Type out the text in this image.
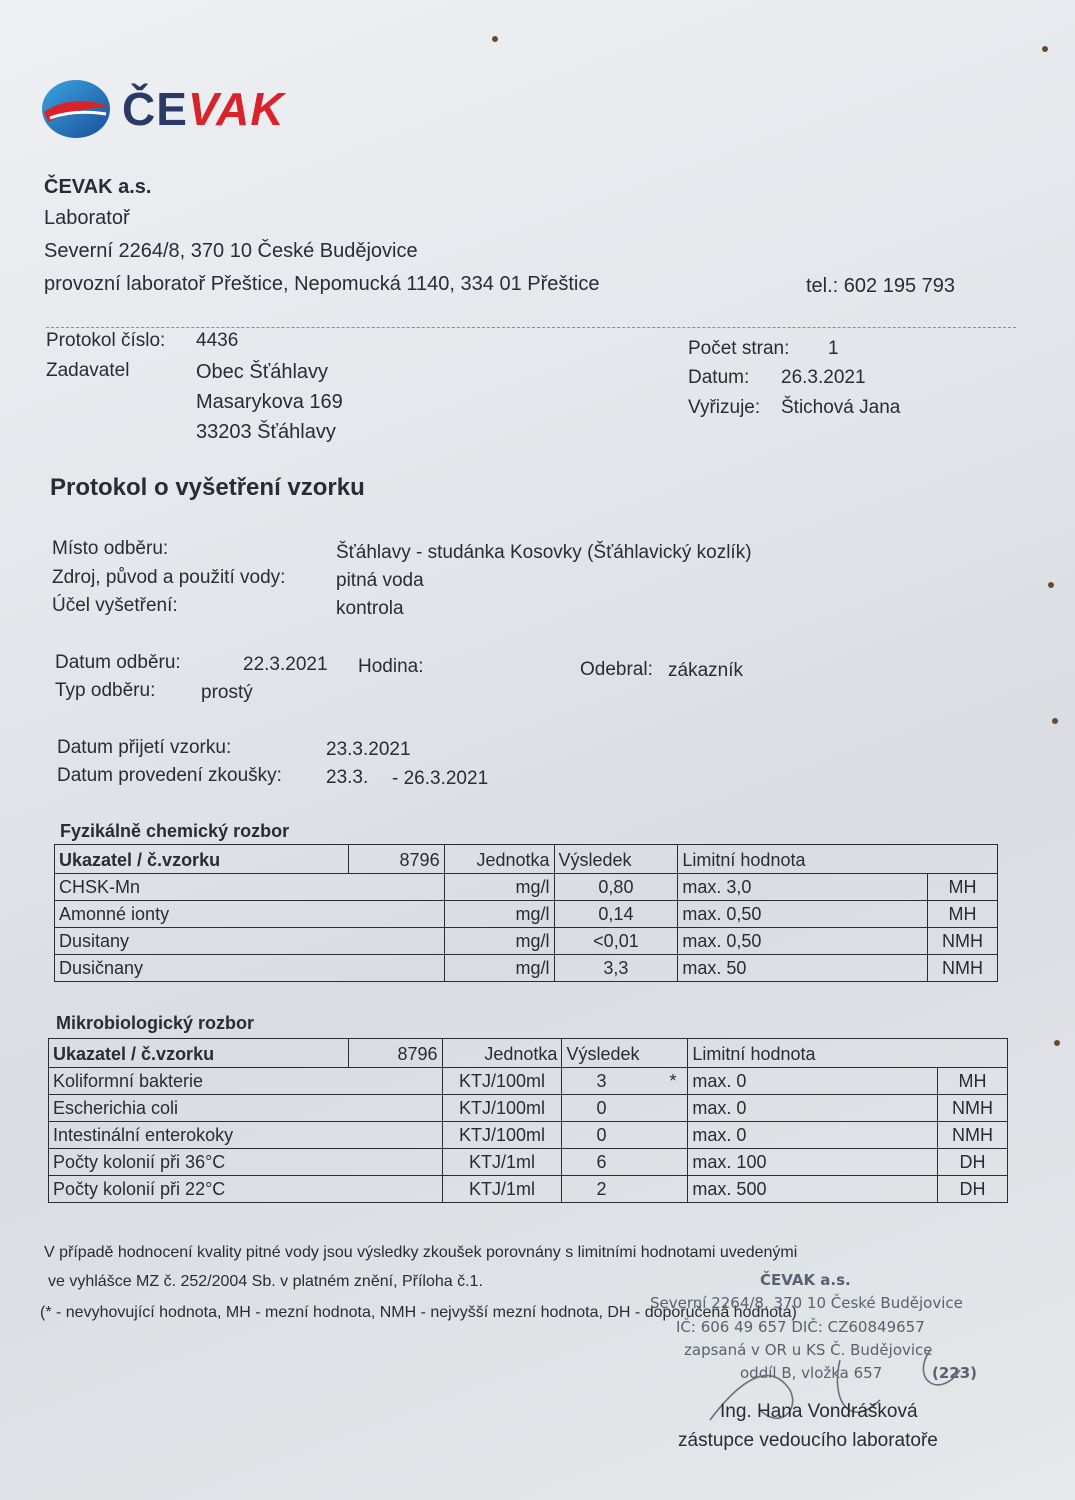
ČEVAK
ČEVAK a.s.
Laboratoř
Severní 2264/8, 370 10 České Budějovice
provozní laboratoř Přeštice, Nepomucká 1140, 334 01 Přeštice	tel.: 602 195 793
Protokol číslo: 4436
Zadavatel	Obec Šťáhlavy
Masarykova 169
33203 Šťáhlavy
Počet stran: 1
Datum: 26.3.2021
Vyřizuje: Štichová Jana
Protokol o vyšetření vzorku
Místo odběru:	Šťáhlavy - studánka Kosovky (Šťáhlavický kozlík)
Zdroj, původ a použití vody:	pitná voda
Účel vyšetření:	kontrola
Datum odběru:	22.3.2021 Hodina:	Odebral: zákazník
Typ odběru: prostý
Datum přijetí vzorku:	23.3.2021
Datum provedení zkoušky: 23.3. - 26.3.2021
Fyzikálně chemický rozbor
Ukazatel / č.vzorku	8796	Jednotka	Výsledek	Limitní hodnota	
CHSK-Mn		mg/l	0,80	max. 3,0	MH
Amonné ionty		mg/l	0,14	max. 0,50	MH
Dusitany		mg/l	<0,01	max. 0,50	NMH
Dusičnany		mg/l	3,3	max. 50	NMH
Mikrobiologický rozbor
Ukazatel / č.vzorku	8796	Jednotka	Výsledek	Limitní hodnota	
Koliformní bakterie		KTJ/100ml	3 *	max. 0	MH
Escherichia coli		KTJ/100ml	0	max. 0	NMH
Intestinální enterokoky		KTJ/100ml	0	max. 0	NMH
Počty kolonií při 36°C		KTJ/1ml	6	max. 100	DH
Počty kolonií při 22°C		KTJ/1ml	2	max. 500	DH
V případě hodnocení kvality pitné vody jsou výsledky zkoušek porovnány s limitními hodnotami uvedenými
ve vyhlášce MZ č. 252/2004 Sb. v platném znění, Příloha č.1.
(* - nevyhovující hodnota, MH - mezní hodnota, NMH - nejvyšší mezní hodnota, DH - doporučená hodnota)
ČEVAK a.s.
Severní 2264/8, 370 10 České Budějovice
IČ: 606 49 657 DIČ: CZ60849657
zapsaná v OR u KS Č. Budějovice
oddíl B, vložka 657	(223)
Ing. Hana Vondrášková
zástupce vedoucího laboratoře
